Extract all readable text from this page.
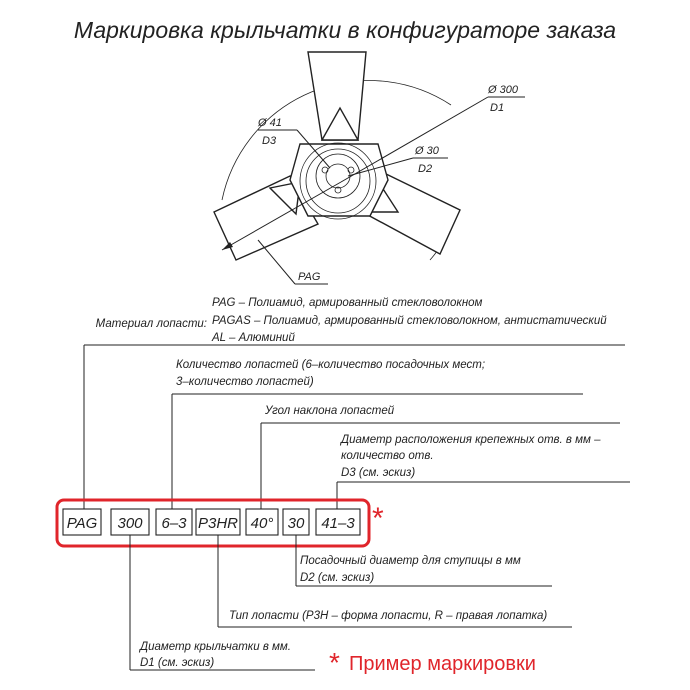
Маркировка крыльчатки в конфигураторе заказа
Ø 300
D1
Ø 41
D3
Ø 30
D2
PAG
Материал лопасти:
PAG – Полиамид, армированный стекловолокном
PAGAS – Полиамид, армированный стекловолокном, антистатический
AL – Алюминий
Количество лопастей (6–количество посадочных мест;
3–количество лопастей)
Угол наклона лопастей
Диаметр расположения крепежных отв. в мм –
количество отв.
D3 (см. эскиз)
*
PAG 300 6–3 P3HR 40° 30 41–3
Посадочный диаметр для ступицы в мм
D2 (см. эскиз)
Тип лопасти (P3H – форма лопасти, R – правая лопатка)
Диаметр крыльчатки в мм.
D1 (см. эскиз)	* Пример маркировки
